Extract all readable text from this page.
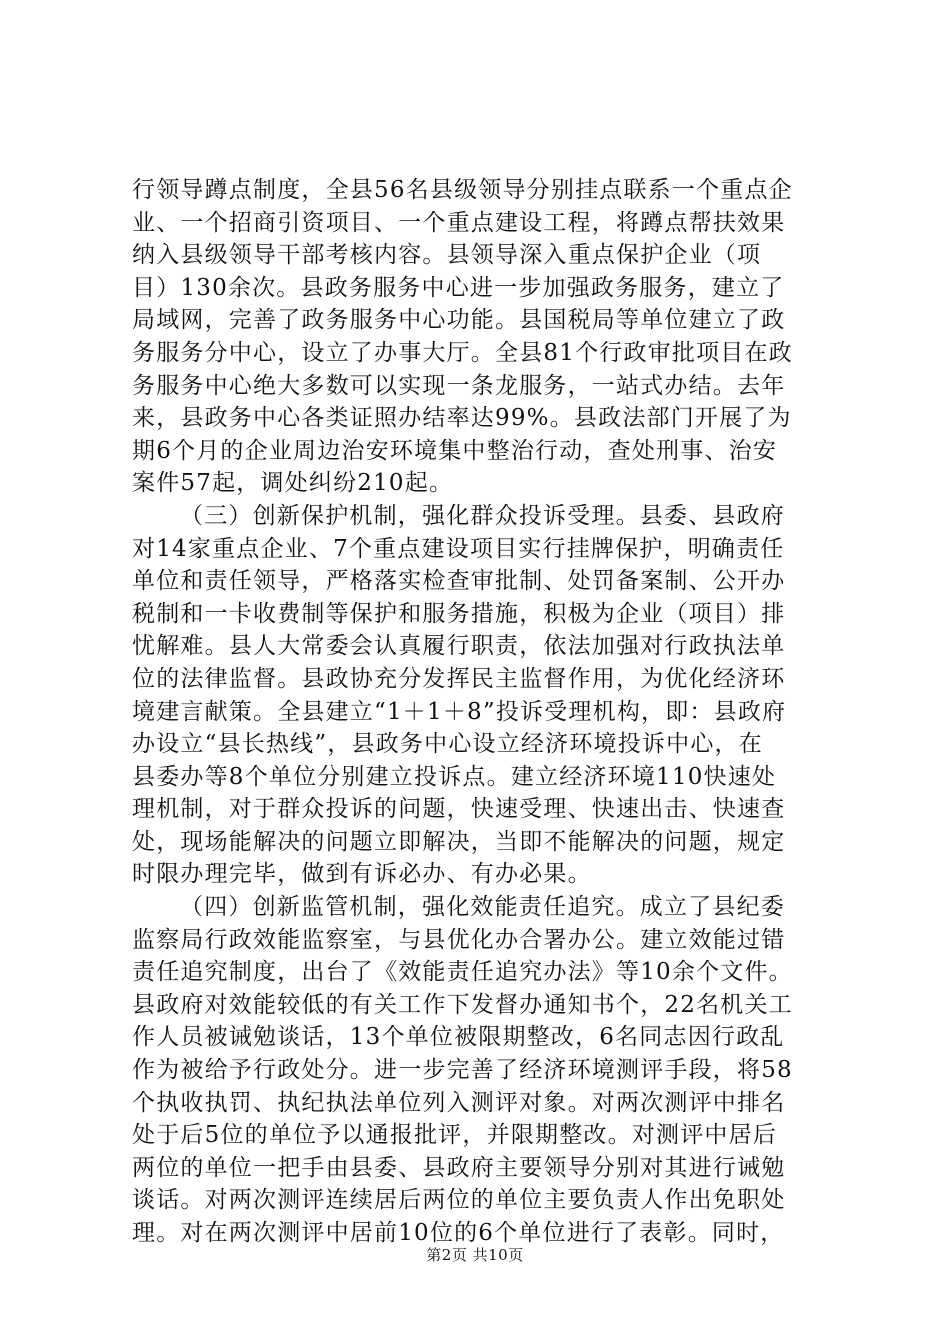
行领导蹲点制度，全县56名县级领导分别挂点联系一个重点企
业、一个招商引资项目、一个重点建设工程，将蹲点帮扶效果
纳入县级领导干部考核内容。县领导深入重点保护企业（项
目）130余次。县政务服务中心进一步加强政务服务，建立了
局域网，完善了政务服务中心功能。县国税局等单位建立了政
务服务分中心，设立了办事大厅。全县81个行政审批项目在政
务服务中心绝大多数可以实现一条龙服务，一站式办结。去年
来，县政务中心各类证照办结率达99%。县政法部门开展了为
期6个月的企业周边治安环境集中整治行动，查处刑事、治安
案件57起，调处纠纷210起。
（三）创新保护机制，强化群众投诉受理。县委、县政府
对14家重点企业、7个重点建设项目实行挂牌保护，明确责任
单位和责任领导，严格落实检查审批制、处罚备案制、公开办
税制和一卡收费制等保护和服务措施，积极为企业（项目）排
忧解难。县人大常委会认真履行职责，依法加强对行政执法单
位的法律监督。县政协充分发挥民主监督作用，为优化经济环
境建言献策。全县建立“1＋1＋8”投诉受理机构，即：县政府
办设立“县长热线”，县政务中心设立经济环境投诉中心，在
县委办等8个单位分别建立投诉点。建立经济环境110快速处
理机制，对于群众投诉的问题，快速受理、快速出击、快速查
处，现场能解决的问题立即解决，当即不能解决的问题，规定
时限办理完毕，做到有诉必办、有办必果。
（四）创新监管机制，强化效能责任追究。成立了县纪委
监察局行政效能监察室，与县优化办合署办公。建立效能过错
责任追究制度，出台了《效能责任追究办法》等10余个文件。
县政府对效能较低的有关工作下发督办通知书个，22名机关工
作人员被诫勉谈话，13个单位被限期整改，6名同志因行政乱
作为被给予行政处分。进一步完善了经济环境测评手段，将58
个执收执罚、执纪执法单位列入测评对象。对两次测评中排名
处于后5位的单位予以通报批评，并限期整改。对测评中居后
两位的单位一把手由县委、县政府主要领导分别对其进行诫勉
谈话。对两次测评连续居后两位的单位主要负责人作出免职处
理。对在两次测评中居前10位的6个单位进行了表彰。同时，
第2页 共10页
